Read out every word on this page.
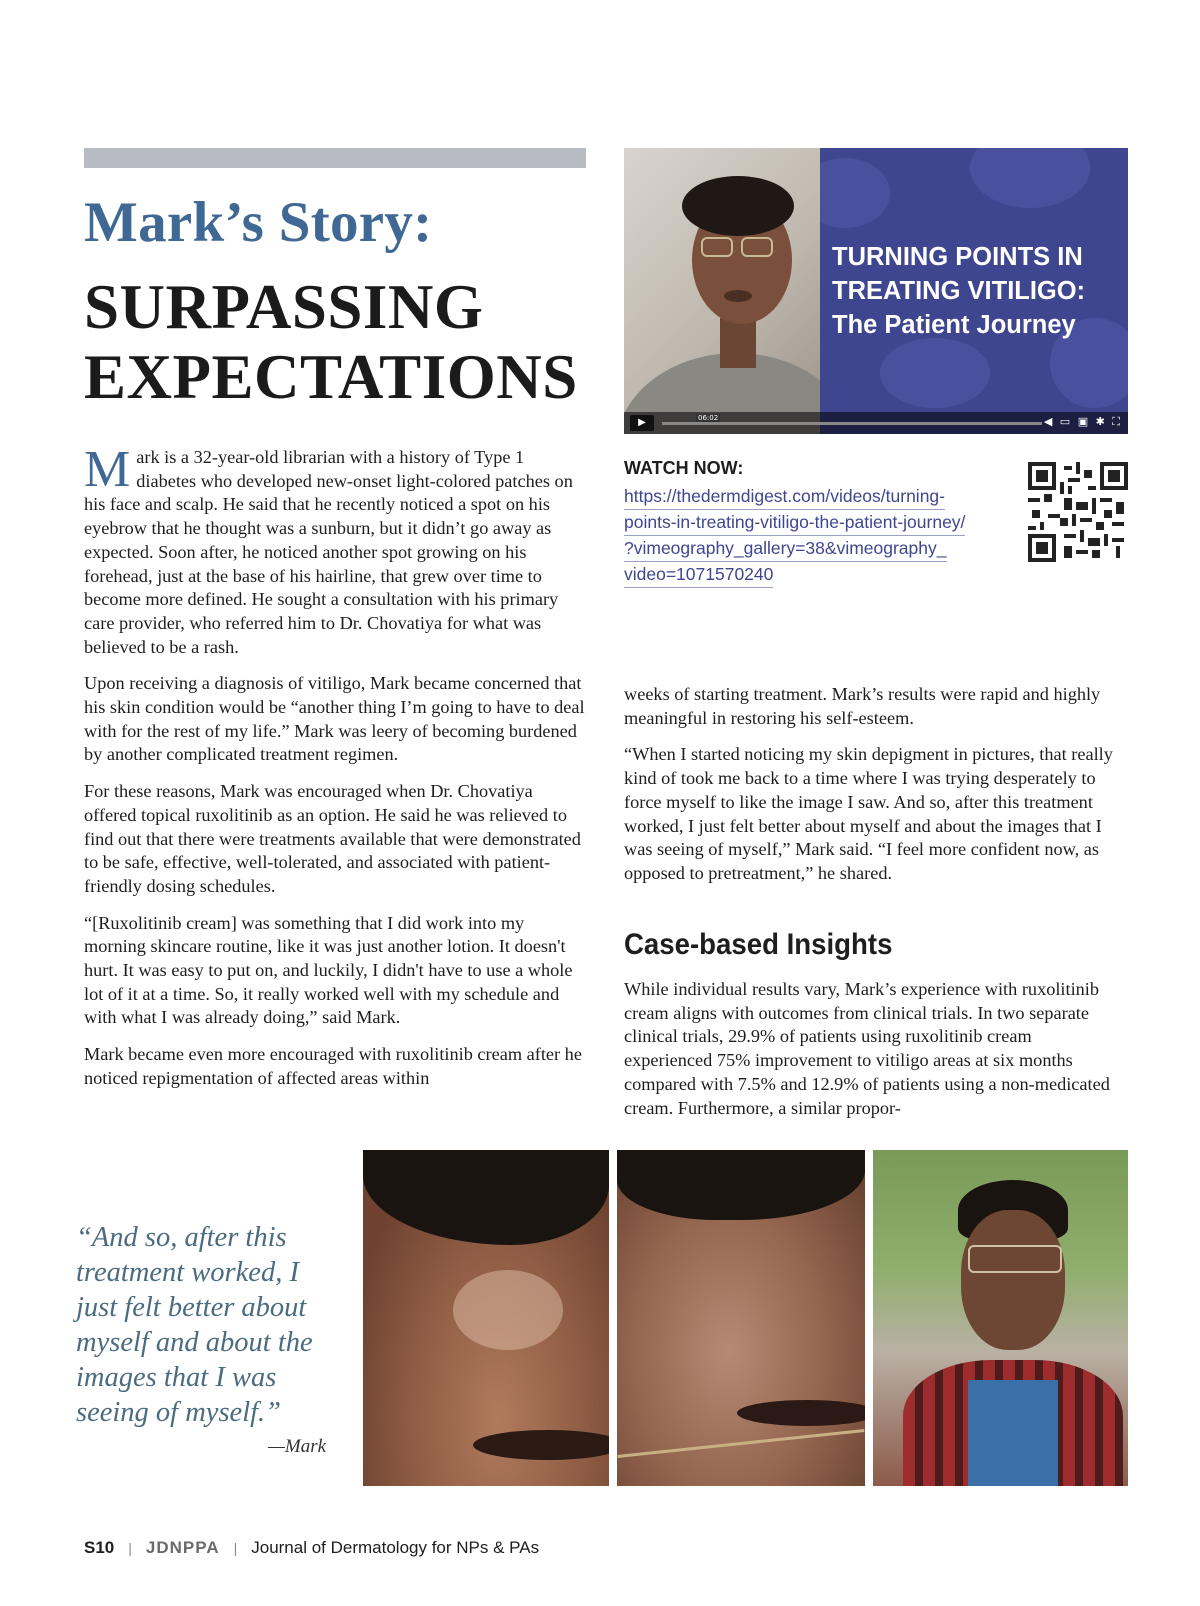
Mark’s Story:
SURPASSING
EXPECTATIONS

Mark is a 32-year-old librarian with a history of Type 1 diabetes who developed new-onset light-colored patches on his face and scalp. He said that he recently noticed a spot on his eyebrow that he thought was a sunburn, but it didn’t go away as expected. Soon after, he noticed another spot growing on his forehead, just at the base of his hairline, that grew over time to become more defined. He sought a consultation with his primary care provider, who referred him to Dr. Chovatiya for what was believed to be a rash.

Upon receiving a diagnosis of vitiligo, Mark became concerned that his skin condition would be “another thing I’m going to have to deal with for the rest of my life.” Mark was leery of becoming burdened by another complicated treatment regimen.

For these reasons, Mark was encouraged when Dr. Chovatiya offered topical ruxolitinib as an option. He said he was relieved to find out that there were treatments available that were demonstrated to be safe, effective, well-tolerated, and associated with patient-friendly dosing schedules.

“[Ruxolitinib cream] was something that I did work into my morning skincare routine, like it was just another lotion. It doesn't hurt. It was easy to put on, and luckily, I didn't have to use a whole lot of it at a time. So, it really worked well with my schedule and with what I was already doing,” said Mark.

Mark became even more encouraged with ruxolitinib cream after he noticed repigmentation of affected areas within

TURNING POINTS IN
TREATING VITILIGO:
The Patient Journey
▶	06:02	◀ ▭ ▣ ✱ ⛶
WATCH NOW:
https://thedermdigest.com/videos/turning-
points-in-treating-vitiligo-the-patient-journey/
?vimeography_gallery=38&vimeography_
video=1071570240

weeks of starting treatment. Mark’s results were rapid and highly meaningful in restoring his self-esteem.

“When I started noticing my skin depigment in pictures, that really kind of took me back to a time where I was trying desperately to force myself to like the image I saw. And so, after this treatment worked, I just felt better about myself and about the images that I was seeing of myself,” Mark said. “I feel more confident now, as opposed to pretreatment,” he shared.

Case-based Insights

While individual results vary, Mark’s experience with ruxolitinib cream aligns with outcomes from clinical trials. In two separate clinical trials, 29.9% of patients using ruxolitinib cream experienced 75% improvement to vitiligo areas at six months compared with 7.5% and 12.9% of patients using a non-medicated cream. Furthermore, a similar propor-

“And so, after this treatment worked, I just felt better about myself and about the images that I was seeing of myself.”
—Mark
S10 | JDNPPA | Journal of Dermatology for NPs & PAs
